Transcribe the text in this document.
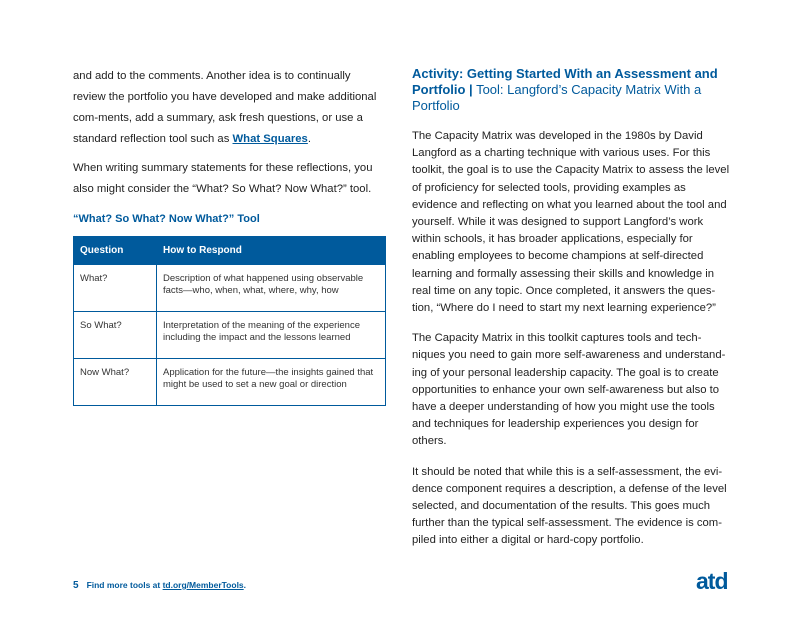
and add to the comments. Another idea is to continually review the portfolio you have developed and make additional com-ments, add a summary, ask fresh questions, or use a standard reflection tool such as What Squares.

When writing summary statements for these reflections, you also might consider the “What? So What? Now What?” tool.

“What? So What? Now What?” Tool
Question	How to Respond
What?	Description of what happened using observable facts—who, when, what, where, why, how
So What?	Interpretation of the meaning of the experience including the impact and the lessons learned
Now What?	Application for the future—the insights gained that might be used to set a new goal or direction
Activity: Getting Started With an Assessment and Portfolio | Tool: Langford’s Capacity Matrix With a Portfolio

The Capacity Matrix was developed in the 1980s by David Langford as a charting technique with various uses. For this toolkit, the goal is to use the Capacity Matrix to assess the level of proficiency for selected tools, providing examples as evidence and reflecting on what you learned about the tool and yourself. While it was designed to support Langford’s work within schools, it has broader applications, especially for enabling employees to become champions at self-directed learning and formally assessing their skills and knowledge in real time on any topic. Once completed, it answers the ques-tion, “Where do I need to start my next learning experience?”

The Capacity Matrix in this toolkit captures tools and tech-niques you need to gain more self-awareness and understand-ing of your personal leadership capacity. The goal is to create opportunities to enhance your own self-awareness but also to have a deeper understanding of how you might use the tools and techniques for leadership experiences you design for others.

It should be noted that while this is a self-assessment, the evi-dence component requires a description, a defense of the level selected, and documentation of the results. This goes much further than the typical self-assessment. The evidence is com-piled into either a digital or hard-copy portfolio.

5 Find more tools at td.org/MemberTools.	atd
